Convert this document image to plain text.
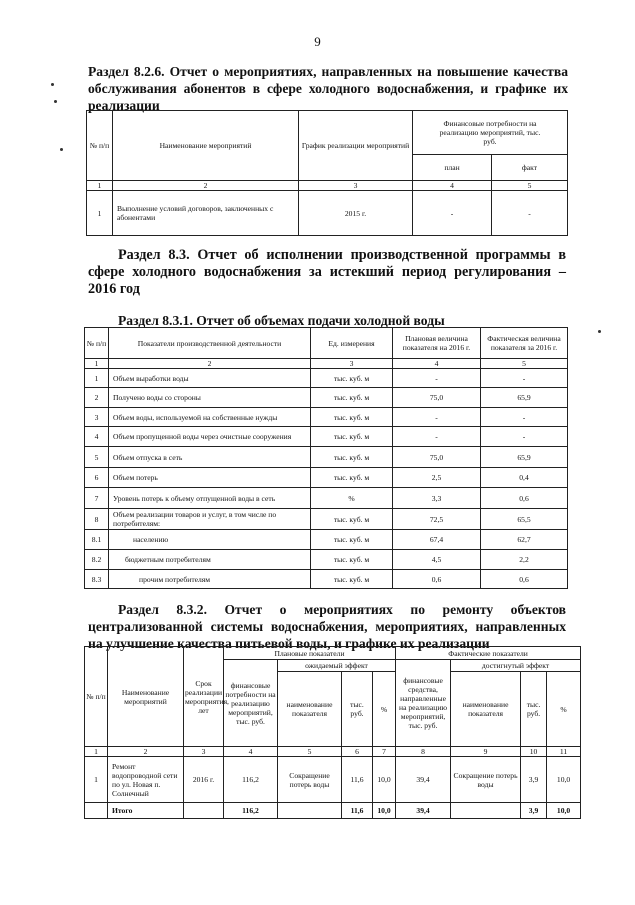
9
Раздел 8.2.6. Отчет о мероприятиях, направленных на повышение качества обслуживания абонентов в сфере холодного водоснабжения, и графике их реализации
№ п/п	Наименование мероприятий	График реализации мероприятий	Финансовые потребности на реализацию мероприятий, тыс. руб.	
			план	факт
1	2	3	4	5
1	Выполнение условий договоров, заключенных с абонентами	2015 г.	-	-
Раздел 8.3. Отчет об исполнении производственной программы в сфере холодного водоснабжения за истекший период регулирования – 2016 год
Раздел 8.3.1. Отчет об объемах подачи холодной воды
№ п/п	Показатели производственной деятельности	Ед. измерения	Плановая величина показателя на 2016 г.	Фактическая величина показателя за 2016 г.
1	2	3	4	5
1	Объем выработки воды	тыс. куб. м	-	-
2	Получено воды со стороны	тыс. куб. м	75,0	65,9
3	Объем воды, используемой на собственные нужды	тыс. куб. м	-	-
4	Объем пропущенной воды через очистные сооружения	тыс. куб. м	-	-
5	Объем отпуска в сеть	тыс. куб. м	75,0	65,9
6	Объем потерь	тыс. куб. м	2,5	0,4
7	Уровень потерь к объему отпущенной воды в сеть	%	3,3	0,6
8	Объем реализации товаров и услуг, в том числе по потребителям:	тыс. куб. м	72,5	65,5
8.1	населению	тыс. куб. м	67,4	62,7
8.2	бюджетным потребителям	тыс. куб. м	4,5	2,2
8.3	прочим потребителям	тыс. куб. м	0,6	0,6
Раздел 8.3.2. Отчет о мероприятиях по ремонту объектов централизованной системы водоснабжения, мероприятиях, направленных на улучшение качества питьевой воды, и графике их реализации
№ п/п	Наименование мероприятий	Срок реализации мероприятия, лет	Плановые показатели				Фактические показатели			
			финансовые потребности на реализацию мероприятий, тыс. руб.	ожидаемый эффект			финансовые средства, направленные на реализацию мероприятий, тыс. руб.	достигнутый эффект		
				наименование показателя	тыс. руб.	%		наименование показателя	тыс. руб.	%
1	2	3	4	5	6	7	8	9	10	11
1	Ремонт водопроводной сети по ул. Новая п. Солнечный	2016 г.	116,2	Сокращение потерь воды	11,6	10,0	39,4	Сокращение потерь воды	3,9	10,0
	Итого		116,2		11,6	10,0	39,4		3,9	10,0
